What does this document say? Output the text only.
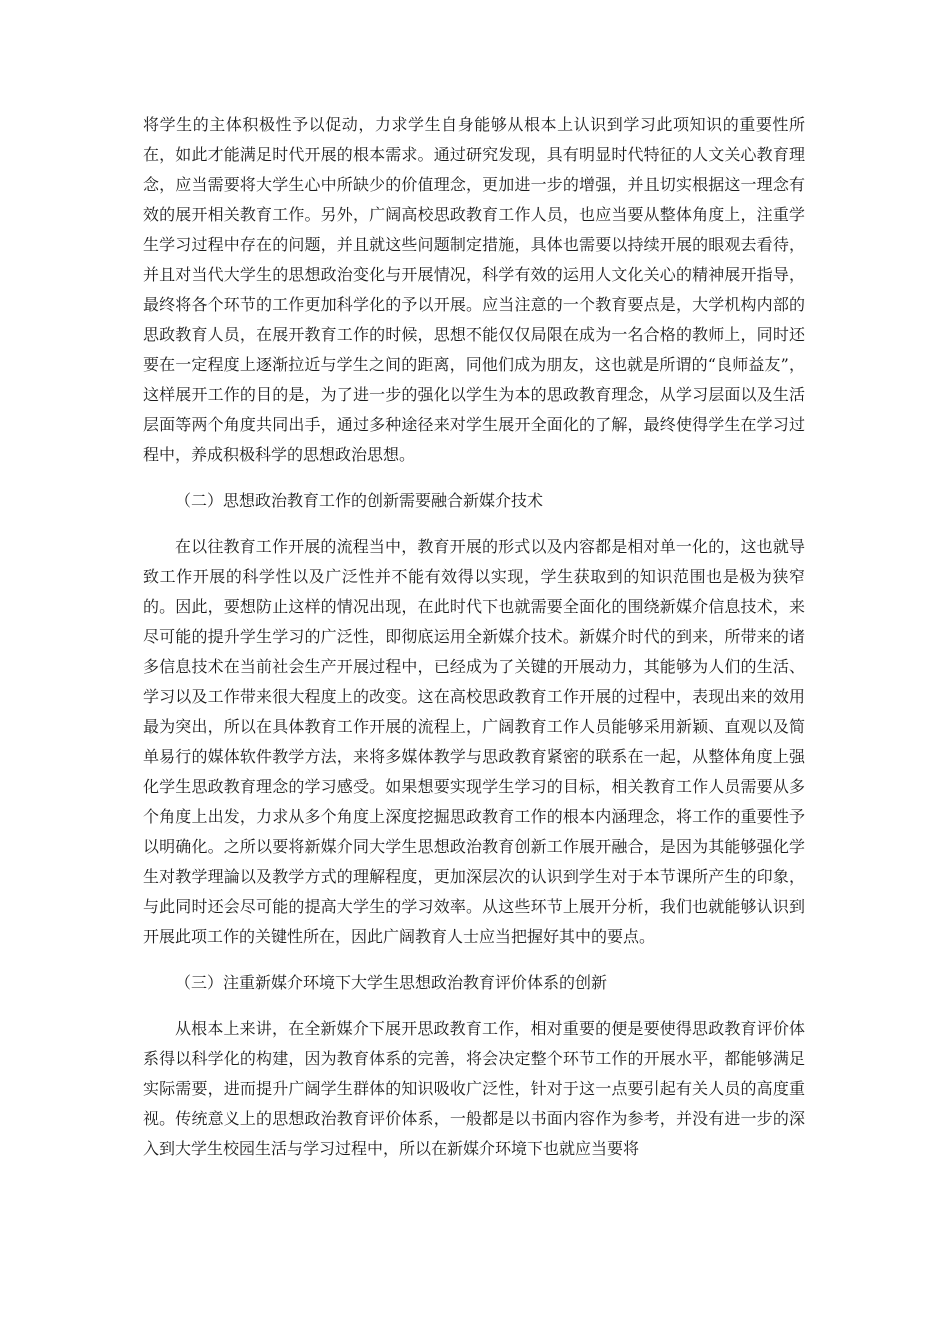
将学生的主体积极性予以促动，力求学生自身能够从根本上认识到学习此项知识的重要性所在，如此才能满足时代开展的根本需求。通过研究发现，具有明显时代特征的人文关心教育理念，应当需要将大学生心中所缺少的价值理念，更加进一步的增强，并且切实根据这一理念有效的展开相关教育工作。另外，广阔高校思政教育工作人员，也应当要从整体角度上，注重学生学习过程中存在的问题，并且就这些问题制定措施，具体也需要以持续开展的眼观去看待，并且对当代大学生的思想政治变化与开展情况，科学有效的运用人文化关心的精神展开指导，最终将各个环节的工作更加科学化的予以开展。应当注意的一个教育要点是，大学机构内部的思政教育人员，在展开教育工作的时候，思想不能仅仅局限在成为一名合格的教师上，同时还要在一定程度上逐渐拉近与学生之间的距离，同他们成为朋友，这也就是所谓的“良师益友”，这样展开工作的目的是，为了进一步的强化以学生为本的思政教育理念，从学习层面以及生活层面等两个角度共同出手，通过多种途径来对学生展开全面化的了解，最终使得学生在学习过程中，养成积极科学的思想政治思想。

（二）思想政治教育工作的创新需要融合新媒介技术

在以往教育工作开展的流程当中，教育开展的形式以及内容都是相对单一化的，这也就导致工作开展的科学性以及广泛性并不能有效得以实现，学生获取到的知识范围也是极为狭窄的。因此，要想防止这样的情况出现，在此时代下也就需要全面化的围绕新媒介信息技术，来尽可能的提升学生学习的广泛性，即彻底运用全新媒介技术。新媒介时代的到来，所带来的诸多信息技术在当前社会生产开展过程中，已经成为了关键的开展动力，其能够为人们的生活、学习以及工作带来很大程度上的改变。这在高校思政教育工作开展的过程中，表现出来的效用最为突出，所以在具体教育工作开展的流程上，广阔教育工作人员能够采用新颖、直观以及简单易行的媒体软件教学方法，来将多媒体教学与思政教育紧密的联系在一起，从整体角度上强化学生思政教育理念的学习感受。如果想要实现学生学习的目标，相关教育工作人员需要从多个角度上出发，力求从多个角度上深度挖掘思政教育工作的根本内涵理念，将工作的重要性予以明确化。之所以要将新媒介同大学生思想政治教育创新工作展开融合，是因为其能够强化学生对教学理論以及教学方式的理解程度，更加深层次的认识到学生对于本节课所产生的印象，与此同时还会尽可能的提高大学生的学习效率。从这些环节上展开分析，我们也就能够认识到开展此项工作的关键性所在，因此广阔教育人士应当把握好其中的要点。

（三）注重新媒介环境下大学生思想政治教育评价体系的创新

从根本上来讲，在全新媒介下展开思政教育工作，相对重要的便是要使得思政教育评价体系得以科学化的构建，因为教育体系的完善，将会决定整个环节工作的开展水平，都能够满足实际需要，进而提升广阔学生群体的知识吸收广泛性，针对于这一点要引起有关人员的高度重视。传统意义上的思想政治教育评价体系，一般都是以书面内容作为参考，并没有进一步的深入到大学生校园生活与学习过程中，所以在新媒介环境下也就应当要将
